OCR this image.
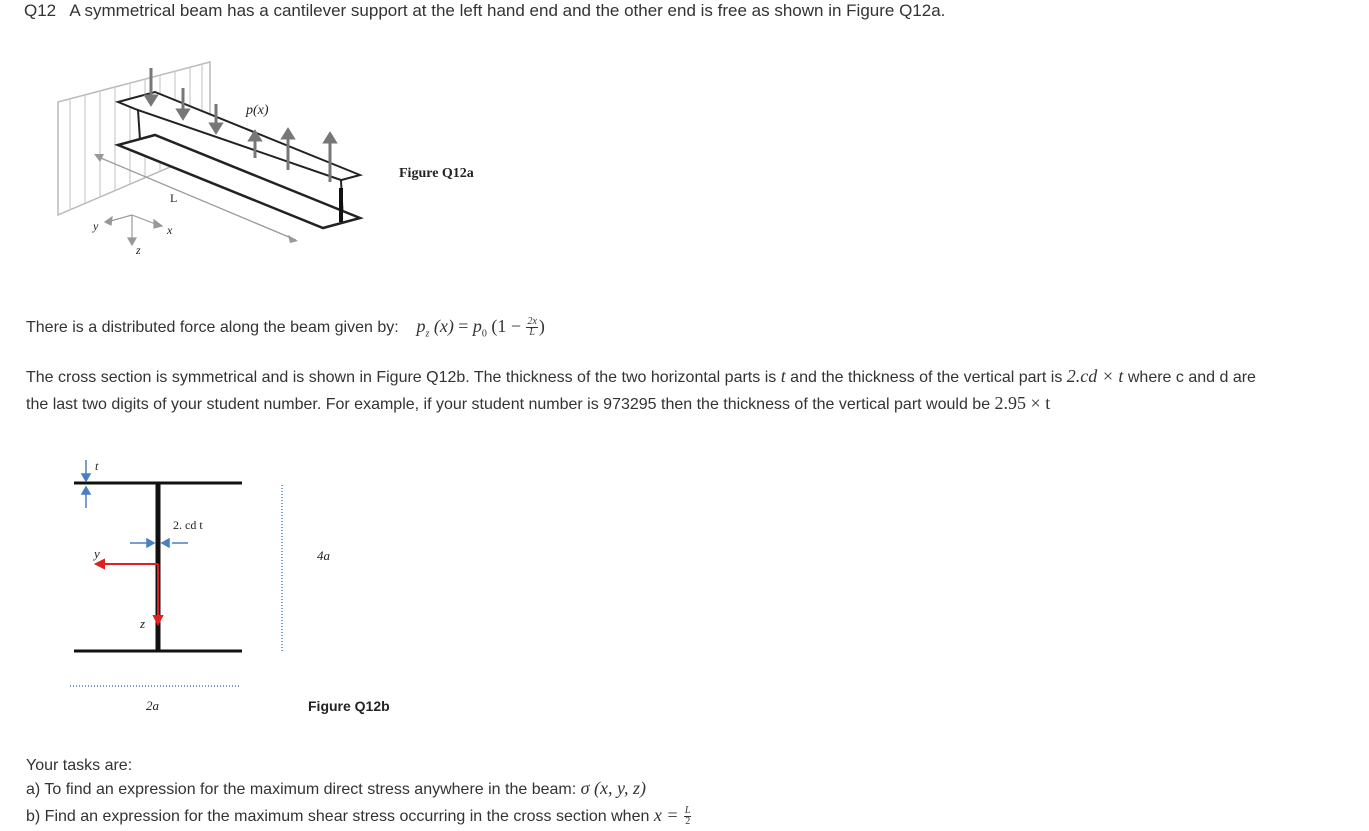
Q12 A symmetrical beam has a cantilever support at the left hand end and the other end is free as shown in Figure Q12a.
p(x)
L
y	x
z
Figure Q12a
There is a distributed force along the beam given by: $p_z$ $(x) = p_0$ ($1 - \frac{2x}{L}$ )
The cross section is symmetrical and is shown in Figure Q12b. The thickness of the two horizontal parts is t and the thickness of the vertical part is 2.cd × t where c and d are
the last two digits of your student number. For example, if your student number is 973295 then the thickness of the vertical part would be 2.95 × t
t
2. cd t
y
z
4a
2a	Figure Q12b
Your tasks are:
a) To find an expression for the maximum direct stress anywhere in the beam: σ (x, y, z)
b) Find an expression for the maximum shear stress occurring in the cross section when $x = \frac{L}{2}$
